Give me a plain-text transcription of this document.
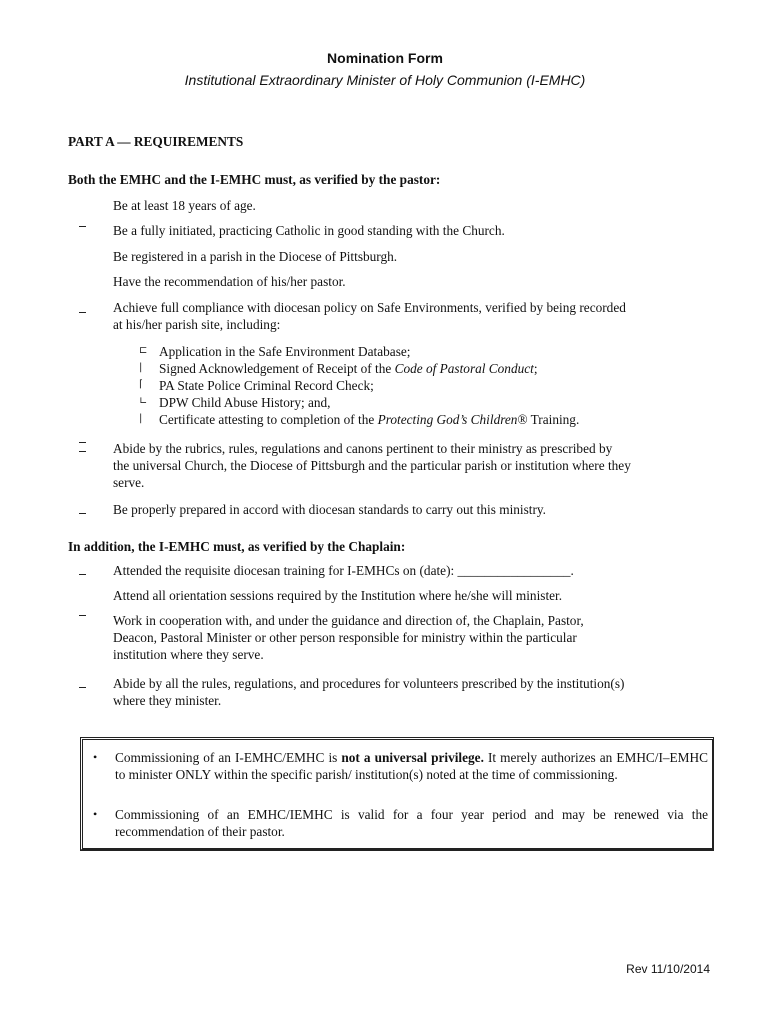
Nomination Form
Institutional Extraordinary Minister of Holy Communion (I-EMHC)
PART A — REQUIREMENTS
Both the EMHC and the I-EMHC must, as verified by the pastor:
Be at least 18 years of age.
Be a fully initiated, practicing Catholic in good standing with the Church.
Be registered in a parish in the Diocese of Pittsburgh.
Have the recommendation of his/her pastor.
Achieve full compliance with diocesan policy on Safe Environments, verified by being recorded
at his/her parish site, including:
⊏ Application in the Safe Environment Database;
| Signed Acknowledgement of Receipt of the Code of Pastoral Conduct;
⌈ PA State Police Criminal Record Check;
∟ DPW Child Abuse History; and,
| Certificate attesting to completion of the Protecting God’s Children® Training.
Abide by the rubrics, rules, regulations and canons pertinent to their ministry as prescribed by
the universal Church, the Diocese of Pittsburgh and the particular parish or institution where they
serve.
Be properly prepared in accord with diocesan standards to carry out this ministry.
In addition, the I-EMHC must, as verified by the Chaplain:
Attended the requisite diocesan training for I-EMHCs on (date): _________________.
Attend all orientation sessions required by the Institution where he/she will minister.
Work in cooperation with, and under the guidance and direction of, the Chaplain, Pastor,
Deacon, Pastoral Minister or other person responsible for ministry within the particular
institution where they serve.
Abide by all the rules, regulations, and procedures for volunteers prescribed by the institution(s)
where they minister.
• Commissioning of an I-EMHC/EMHC is not a universal privilege. It merely authorizes an EMHC/I–EMHC to minister ONLY within the specific parish/ institution(s) noted at the time of commissioning.
• Commissioning of an EMHC/IEMHC is valid for a four year period and may be renewed via the recommendation of their pastor.
Rev 11/10/2014
